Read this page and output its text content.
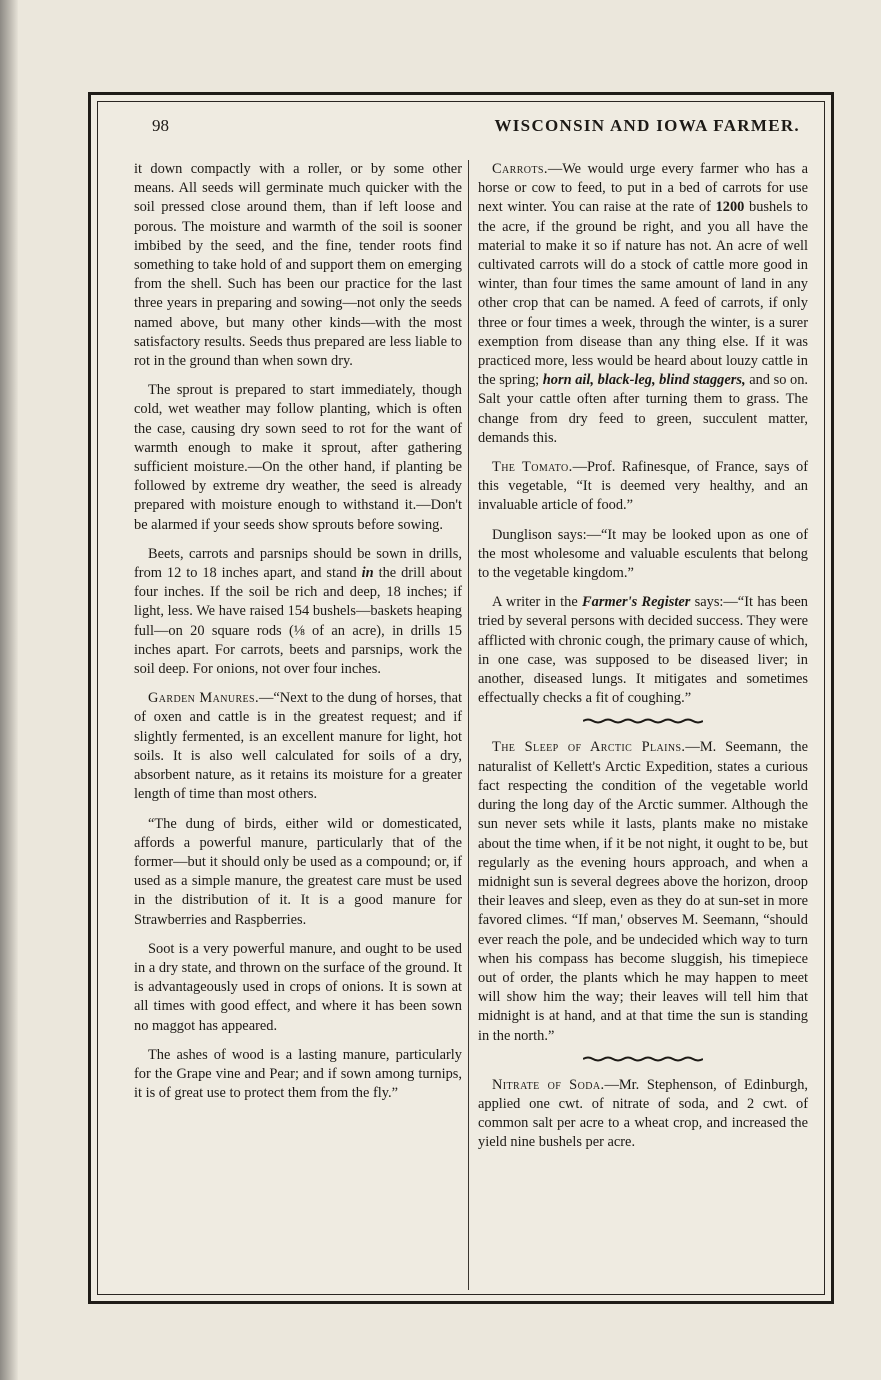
98	WISCONSIN AND IOWA FARMER.

it down compactly with a roller, or by some other means. All seeds will germinate much quicker with the soil pressed close around them, than if left loose and porous. The moisture and warmth of the soil is sooner imbibed by the seed, and the fine, tender roots find something to take hold of and support them on emerging from the shell. Such has been our practice for the last three years in preparing and sowing—not only the seeds named above, but many other kinds—with the most satisfactory results. Seeds thus prepared are less liable to rot in the ground than when sown dry.

The sprout is prepared to start immediately, though cold, wet weather may follow planting, which is often the case, causing dry sown seed to rot for the want of warmth enough to make it sprout, after gathering sufficient moisture.—On the other hand, if planting be followed by extreme dry weather, the seed is already prepared with moisture enough to withstand it.—Don't be alarmed if your seeds show sprouts before sowing.

Beets, carrots and parsnips should be sown in drills, from 12 to 18 inches apart, and stand in the drill about four inches. If the soil be rich and deep, 18 inches; if light, less. We have raised 154 bushels—baskets heaping full—on 20 square rods (⅛ of an acre), in drills 15 inches apart. For carrots, beets and parsnips, work the soil deep. For onions, not over four inches.

Garden Manures.—“Next to the dung of horses, that of oxen and cattle is in the greatest request; and if slightly fermented, is an excellent manure for light, hot soils. It is also well calculated for soils of a dry, absorbent nature, as it retains its moisture for a greater length of time than most others.

“The dung of birds, either wild or domesticated, affords a powerful manure, particularly that of the former—but it should only be used as a compound; or, if used as a simple manure, the greatest care must be used in the distribution of it. It is a good manure for Strawberries and Raspberries.

Soot is a very powerful manure, and ought to be used in a dry state, and thrown on the surface of the ground. It is advantageously used in crops of onions. It is sown at all times with good effect, and where it has been sown no maggot has appeared.

The ashes of wood is a lasting manure, particularly for the Grape vine and Pear; and if sown among turnips, it is of great use to protect them from the fly.”

Carrots.—We would urge every farmer who has a horse or cow to feed, to put in a bed of carrots for use next winter. You can raise at the rate of 1200 bushels to the acre, if the ground be right, and you all have the material to make it so if nature has not. An acre of well cultivated carrots will do a stock of cattle more good in winter, than four times the same amount of land in any other crop that can be named. A feed of carrots, if only three or four times a week, through the winter, is a surer exemption from disease than any thing else. If it was practiced more, less would be heard about louzy cattle in the spring; horn ail, black-leg, blind staggers, and so on. Salt your cattle often after turning them to grass. The change from dry feed to green, succulent matter, demands this.

The Tomato.—Prof. Rafinesque, of France, says of this vegetable, “It is deemed very healthy, and an invaluable article of food.”

Dunglison says:—“It may be looked upon as one of the most wholesome and valuable esculents that belong to the vegetable kingdom.”

A writer in the Farmer's Register says:—“It has been tried by several persons with decided success. They were afflicted with chronic cough, the primary cause of which, in one case, was supposed to be diseased liver; in another, diseased lungs. It mitigates and sometimes effectually checks a fit of coughing.”

The Sleep of Arctic Plains.—M. Seemann, the naturalist of Kellett's Arctic Expedition, states a curious fact respecting the condition of the vegetable world during the long day of the Arctic summer. Although the sun never sets while it lasts, plants make no mistake about the time when, if it be not night, it ought to be, but regularly as the evening hours approach, and when a midnight sun is several degrees above the horizon, droop their leaves and sleep, even as they do at sun-set in more favored climes. “If man,' observes M. Seemann, “should ever reach the pole, and be undecided which way to turn when his compass has become sluggish, his timepiece out of order, the plants which he may happen to meet will show him the way; their leaves will tell him that midnight is at hand, and at that time the sun is standing in the north.”

Nitrate of Soda.—Mr. Stephenson, of Edinburgh, applied one cwt. of nitrate of soda, and 2 cwt. of common salt per acre to a wheat crop, and increased the yield nine bushels per acre.
